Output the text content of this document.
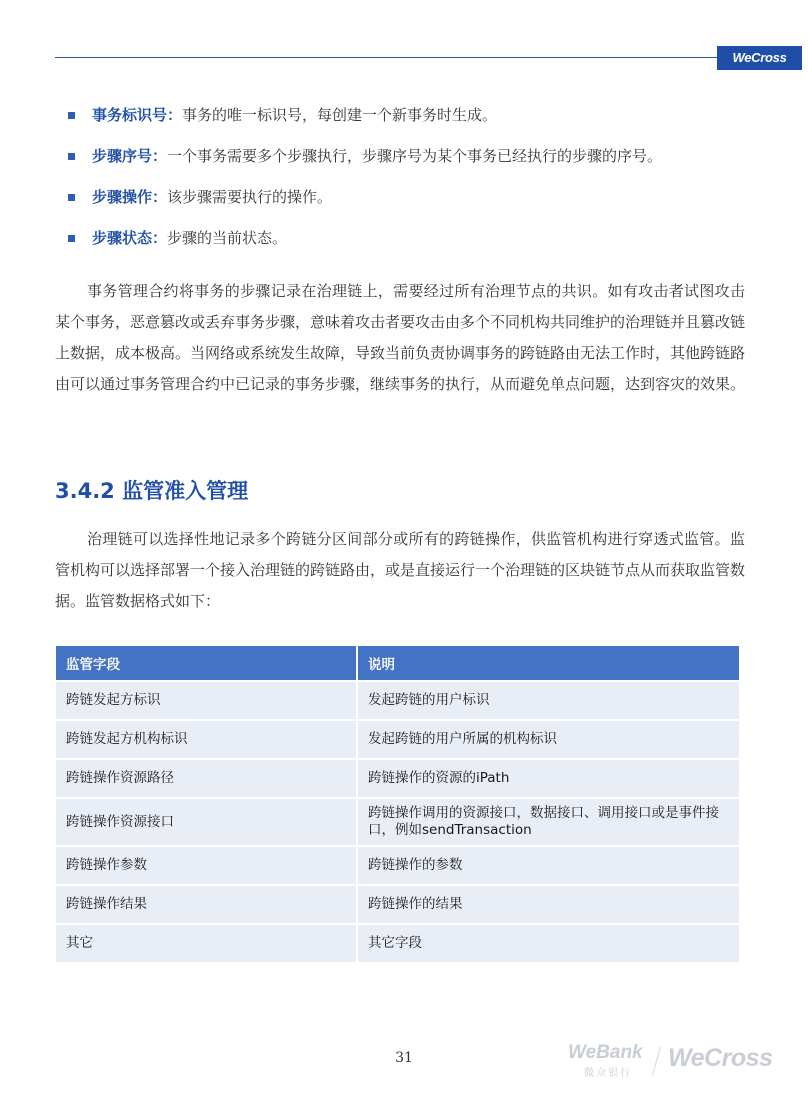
WeCross
事务标识号：事务的唯一标识号，每创建一个新事务时生成。
步骤序号：一个事务需要多个步骤执行，步骤序号为某个事务已经执行的步骤的序号。
步骤操作：该步骤需要执行的操作。
步骤状态：步骤的当前状态。

事务管理合约将事务的步骤记录在治理链上，需要经过所有治理节点的共识。如有攻击者试图攻击某个事务，恶意篡改或丢弃事务步骤，意味着攻击者要攻击由多个不同机构共同维护的治理链并且篡改链上数据，成本极高。当网络或系统发生故障，导致当前负责协调事务的跨链路由无法工作时，其他跨链路由可以通过事务管理合约中已记录的事务步骤，继续事务的执行，从而避免单点问题，达到容灾的效果。

3.4.2 监管准入管理

治理链可以选择性地记录多个跨链分区间部分或所有的跨链操作，供监管机构进行穿透式监管。监管机构可以选择部署一个接入治理链的跨链路由，或是直接运行一个治理链的区块链节点从而获取监管数据。监管数据格式如下：

监管字段	说明
跨链发起方标识	发起跨链的用户标识
跨链发起方机构标识	发起跨链的用户所属的机构标识
跨链操作资源路径	跨链操作的资源的iPath
跨链操作资源接口	跨链操作调用的资源接口，数据接口、调用接口或是事件接口，例如sendTransaction
跨链操作参数	跨链操作的参数
跨链操作结果	跨链操作的结果
其它	其它字段
31	WeBank
微众银行
WeCross
